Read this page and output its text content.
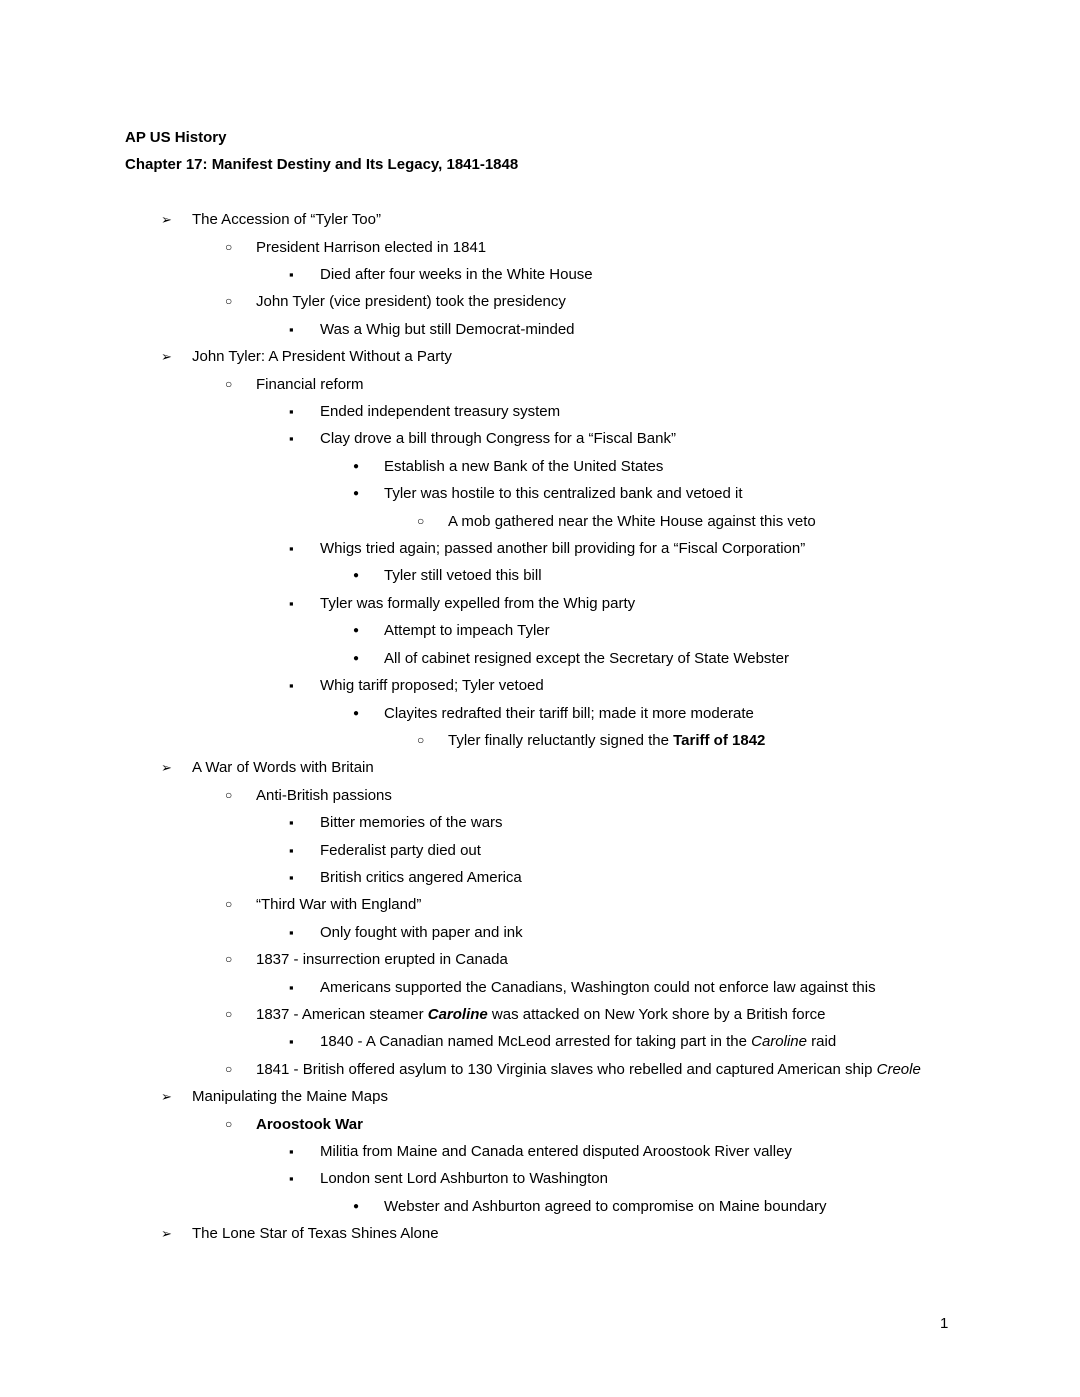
AP US History
Chapter 17: Manifest Destiny and Its Legacy, 1841-1848
➢ The Accession of “Tyler Too”
○ President Harrison elected in 1841
▪ Died after four weeks in the White House
○ John Tyler (vice president) took the presidency
▪ Was a Whig but still Democrat-minded
➢ John Tyler: A President Without a Party
○ Financial reform
▪ Ended independent treasury system
▪ Clay drove a bill through Congress for a “Fiscal Bank”
● Establish a new Bank of the United States
● Tyler was hostile to this centralized bank and vetoed it
○ A mob gathered near the White House against this veto
▪ Whigs tried again; passed another bill providing for a “Fiscal Corporation”
● Tyler still vetoed this bill
▪ Tyler was formally expelled from the Whig party
● Attempt to impeach Tyler
● All of cabinet resigned except the Secretary of State Webster
▪ Whig tariff proposed; Tyler vetoed
● Clayites redrafted their tariff bill; made it more moderate
○ Tyler finally reluctantly signed the Tariff of 1842
➢ A War of Words with Britain
○ Anti-British passions
▪ Bitter memories of the wars
▪ Federalist party died out
▪ British critics angered America
○ “Third War with England”
▪ Only fought with paper and ink
○ 1837 - insurrection erupted in Canada
▪ Americans supported the Canadians, Washington could not enforce law against this
○ 1837 - American steamer Caroline was attacked on New York shore by a British force
▪ 1840 - A Canadian named McLeod arrested for taking part in the Caroline raid
○ 1841 - British offered asylum to 130 Virginia slaves who rebelled and captured American ship Creole
➢ Manipulating the Maine Maps
○ Aroostook War
▪ Militia from Maine and Canada entered disputed Aroostook River valley
▪ London sent Lord Ashburton to Washington
● Webster and Ashburton agreed to compromise on Maine boundary
➢ The Lone Star of Texas Shines Alone
1
